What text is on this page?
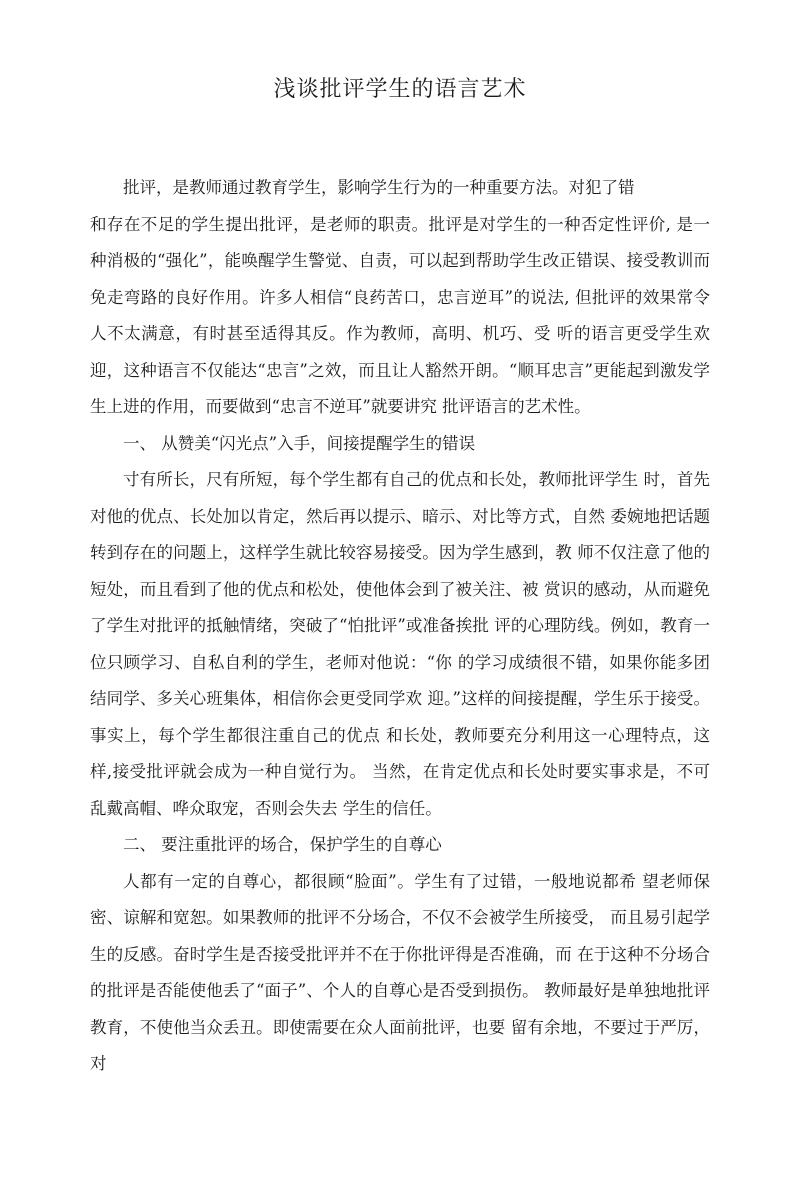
浅谈批评学生的语言艺术

批评，是教师通过教育学生，影响学生行为的一种重要方法。对犯了错

和存在不足的学生提出批评，是老师的职责。批评是对学生的一种否定性评价, 是一种消极的“强化”，能唤醒学生警觉、自责，可以起到帮助学生改正错误、接受教训而免走弯路的良好作用。许多人相信“良药苦口，忠言逆耳”的说法, 但批评的效果常令人不太满意，有时甚至适得其反。作为教师，高明、机巧、受 听的语言更受学生欢迎，这种语言不仅能达“忠言”之效，而且让人豁然开朗。“顺耳忠言”更能起到激发学生上进的作用，而要做到“忠言不逆耳”就要讲究 批评语言的艺术性。

一、 从赞美“闪光点”入手，间接提醒学生的错误

寸有所长，尺有所短，每个学生都有自己的优点和长处，教师批评学生 时，首先对他的优点、长处加以肯定，然后再以提示、暗示、对比等方式，自然 委婉地把话题转到存在的问题上，这样学生就比较容易接受。因为学生感到，教 师不仅注意了他的短处，而且看到了他的优点和松处，使他体会到了被关注、被 赏识的感动，从而避免了学生对批评的抵触情绪，突破了“怕批评”或准备挨批 评的心理防线。例如，教育一位只顾学习、自私自利的学生，老师对他说：“你 的学习成绩很不错，如果你能多团结同学、多关心班集体，相信你会更受同学欢 迎。”这样的间接提醒，学生乐于接受。事实上，每个学生都很注重自己的优点 和长处，教师要充分利用这一心理特点，这样,接受批评就会成为一种自觉行为。 当然，在肯定优点和长处时要实事求是，不可乱戴高帽、哗众取宠，否则会失去 学生的信任。

二、 要注重批评的场合，保护学生的自尊心

人都有一定的自尊心，都很顾“脸面”。学生有了过错，一般地说都希 望老师保密、谅解和宽恕。如果教师的批评不分场合，不仅不会被学生所接受， 而且易引起学生的反感。奋时学生是否接受批评并不在于你批评得是否准确，而 在于这种不分场合的批评是否能使他丢了“面子”、个人的自尊心是否受到损伤。 教师最好是单独地批评教育，不使他当众丢丑。即使需要在众人面前批评，也要 留有余地，不要过于严厉，对
